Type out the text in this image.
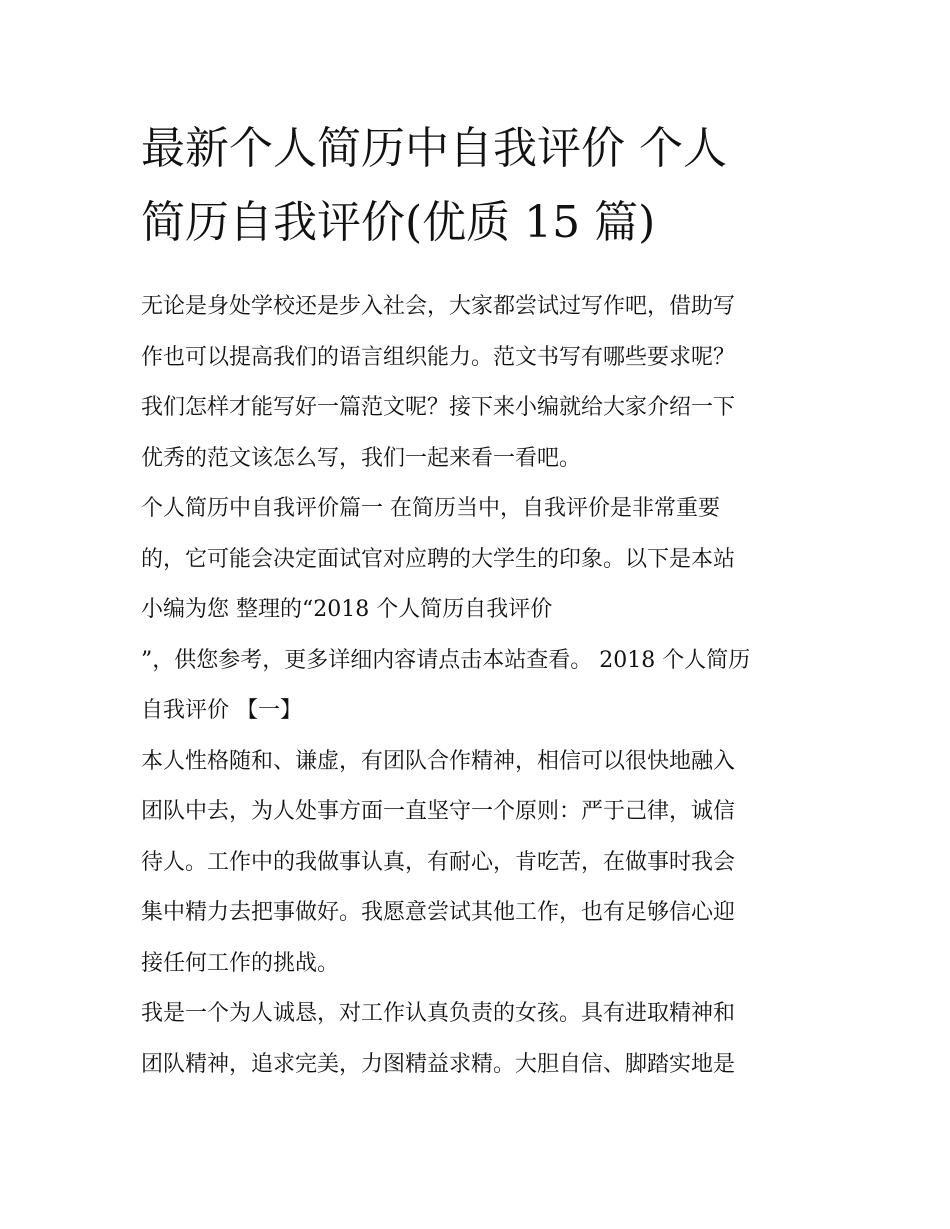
最新个人简历中自我评价 个人
简历自我评价(优质 15 篇)

无论是身处学校还是步入社会，大家都尝试过写作吧，借助写
作也可以提高我们的语言组织能力。范文书写有哪些要求呢？
我们怎样才能写好一篇范文呢？接下来小编就给大家介绍一下
优秀的范文该怎么写，我们一起来看一看吧。

个人简历中自我评价篇一 在简历当中，自我评价是非常重要
的，它可能会决定面试官对应聘的大学生的印象。以下是本站
小编为您 整理的“2018 个人简历自我评价
”，供您参考，更多详细内容请点击本站查看。 2018 个人简历
自我评价 【一】

本人性格随和、谦虚，有团队合作精神，相信可以很快地融入
团队中去，为人处事方面一直坚守一个原则：严于己律，诚信
待人。工作中的我做事认真，有耐心，肯吃苦，在做事时我会
集中精力去把事做好。我愿意尝试其他工作，也有足够信心迎
接任何工作的挑战。

我是一个为人诚恳，对工作认真负责的女孩。具有进取精神和
团队精神，追求完美，力图精益求精。大胆自信、脚踏实地是
